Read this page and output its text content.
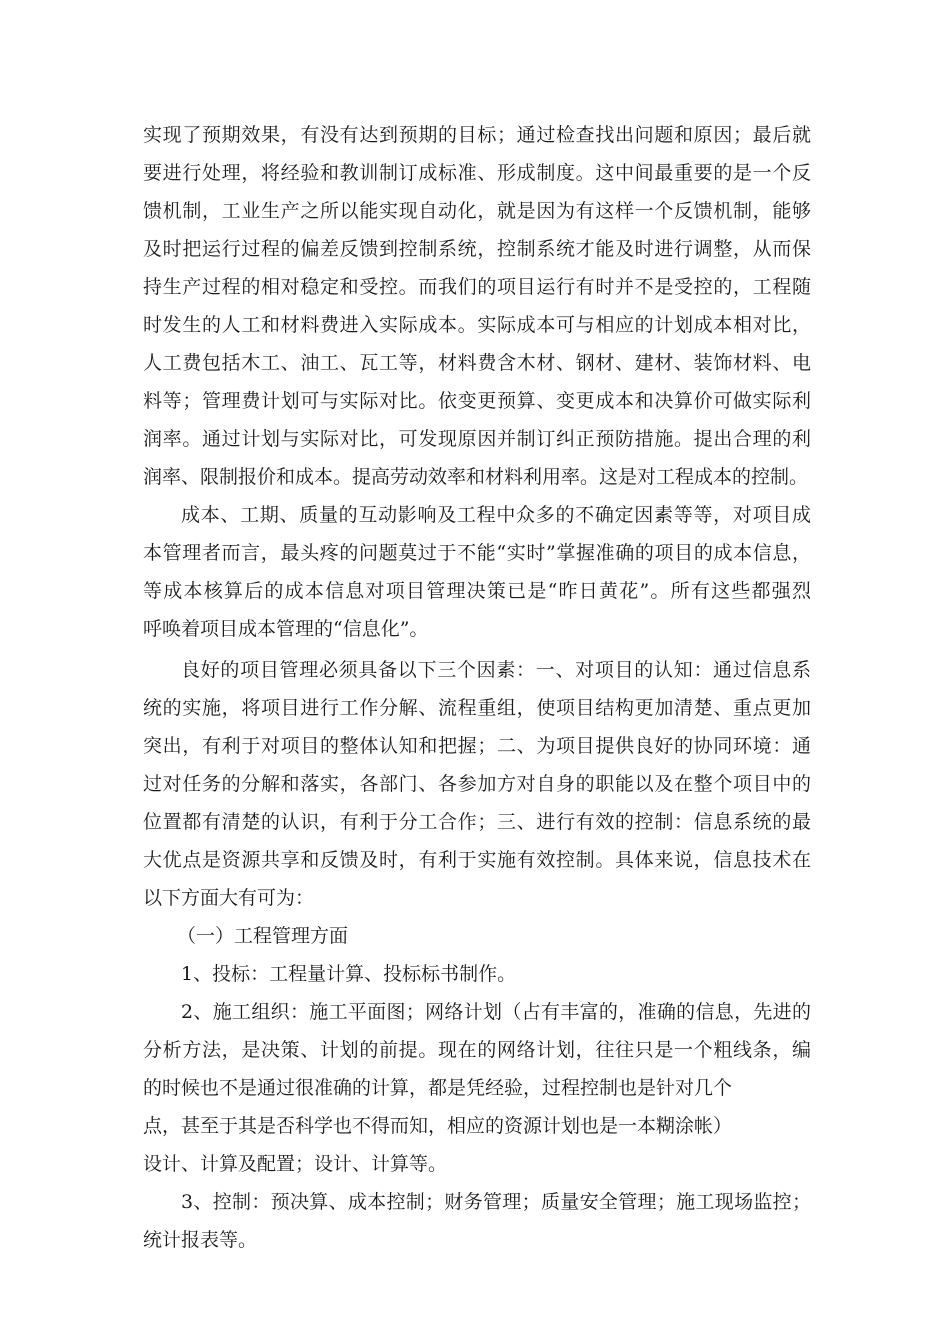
实现了预期效果，有没有达到预期的目标；通过检查找出问题和原因；最后就
要进行处理，将经验和教训制订成标准、形成制度。这中间最重要的是一个反
馈机制，工业生产之所以能实现自动化，就是因为有这样一个反馈机制，能够
及时把运行过程的偏差反馈到控制系统，控制系统才能及时进行调整，从而保
持生产过程的相对稳定和受控。而我们的项目运行有时并不是受控的，工程随
时发生的人工和材料费进入实际成本。实际成本可与相应的计划成本相对比，
人工费包括木工、油工、瓦工等，材料费含木材、钢材、建材、装饰材料、电
料等；管理费计划可与实际对比。依变更预算、变更成本和决算价可做实际利
润率。通过计划与实际对比，可发现原因并制订纠正预防措施。提出合理的利
润率、限制报价和成本。提高劳动效率和材料利用率。这是对工程成本的控制。
成本、工期、质量的互动影响及工程中众多的不确定因素等等，对项目成
本管理者而言，最头疼的问题莫过于不能“实时”掌握准确的项目的成本信息，
等成本核算后的成本信息对项目管理决策已是“昨日黄花”。所有这些都强烈
呼唤着项目成本管理的“信息化”。
良好的项目管理必须具备以下三个因素：一、对项目的认知：通过信息系
统的实施，将项目进行工作分解、流程重组，使项目结构更加清楚、重点更加
突出，有利于对项目的整体认知和把握；二、为项目提供良好的协同环境：通
过对任务的分解和落实，各部门、各参加方对自身的职能以及在整个项目中的
位置都有清楚的认识，有利于分工合作；三、进行有效的控制：信息系统的最
大优点是资源共享和反馈及时，有利于实施有效控制。具体来说，信息技术在
以下方面大有可为：
（一）工程管理方面
1、投标：工程量计算、投标标书制作。
2、施工组织：施工平面图；网络计划（占有丰富的，准确的信息，先进的
分析方法，是决策、计划的前提。现在的网络计划，往往只是一个粗线条，编
的时候也不是通过很准确的计算，都是凭经验，过程控制也是针对几个
点，甚至于其是否科学也不得而知，相应的资源计划也是一本糊涂帐）
设计、计算及配置；设计、计算等。
3、控制：预决算、成本控制；财务管理；质量安全管理；施工现场监控；
统计报表等。
